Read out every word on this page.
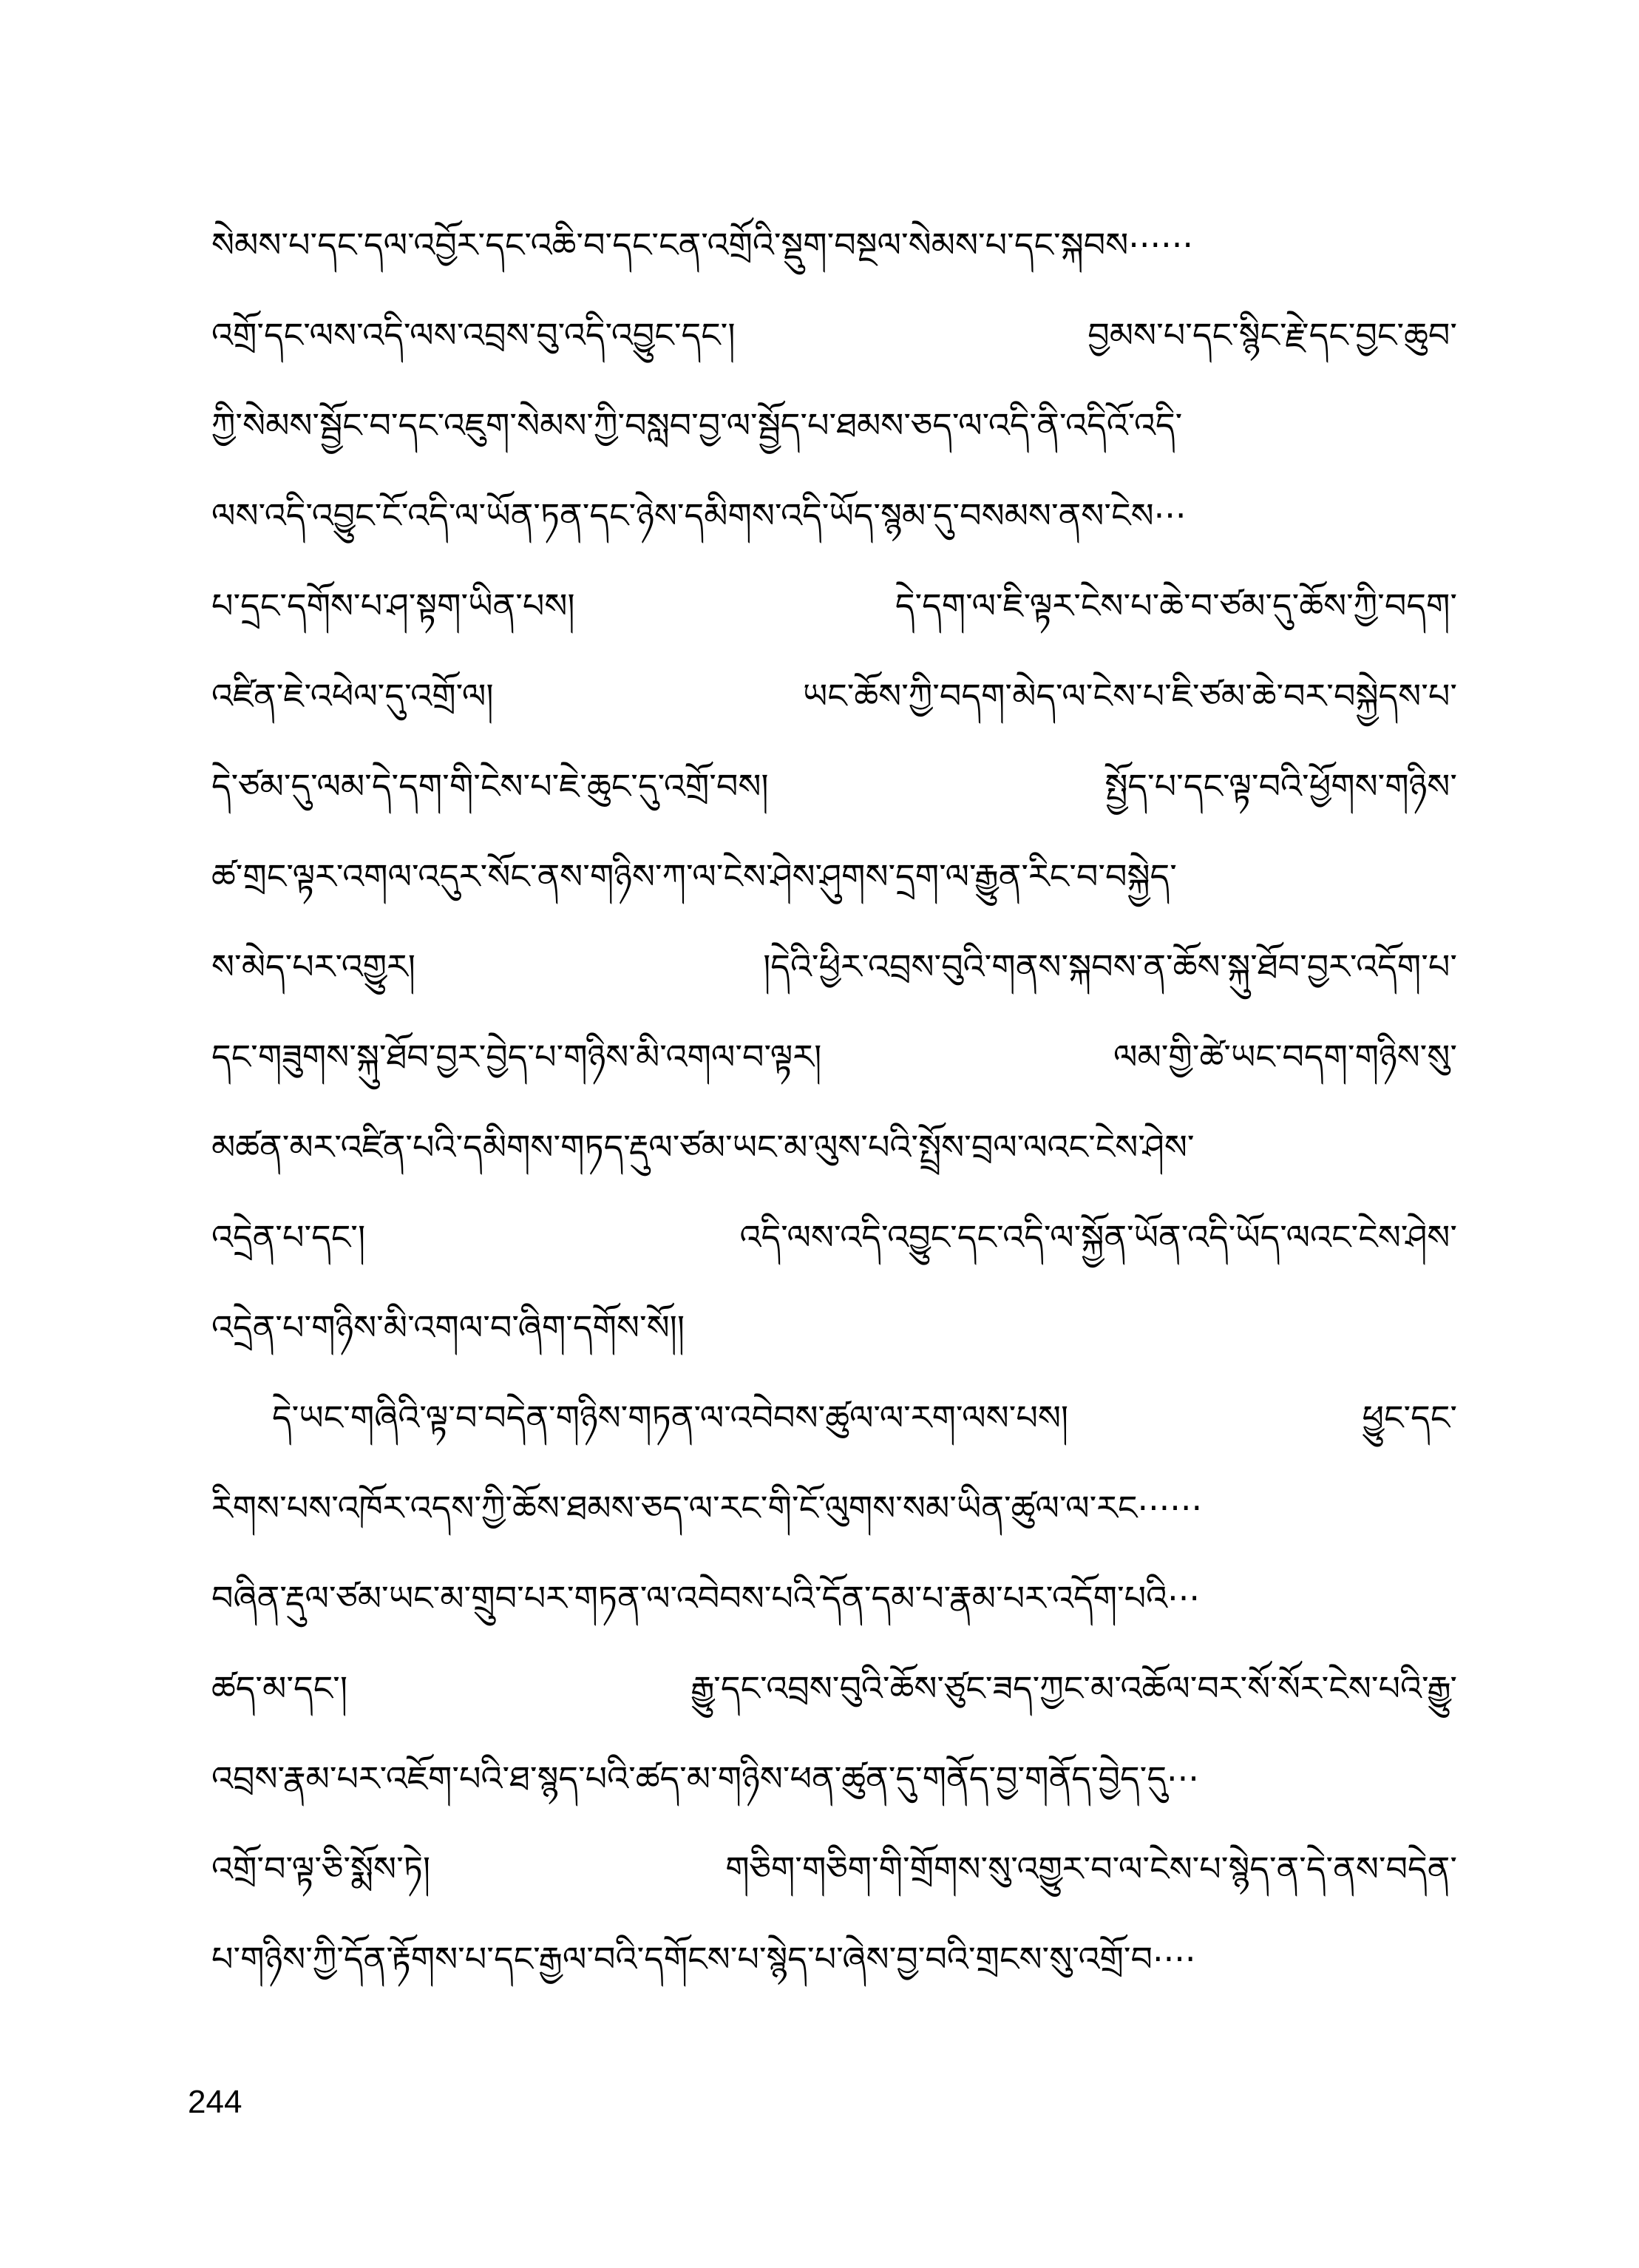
སེམས་པ་དང་དལ་འབྱོར་དང་འཆི་བ་དང་ངན་འགྲོའི་སྡུག་བསྔལ་སེམས་པ་དང་སྐབས······
འགྲོ་དང་ལས་འདི་ལས་འབྲས་བུ་འདི་འབྱུང་དང་། བྱམས་པ་དང་སྙིང་རྗེ་དང་བྱང་ཆུབ་
ཀྱི་སེམས་སྦྱོང་བ་དང་འཇུག་སེམས་ཀྱི་བསླབ་བྱ་ལ་སྦྱོད་པ་ཐམས་ཅད་ལ་འདི་ནི་འདིའོ་འདི་
ལས་འདི་འབྱུང་ངོ་འདི་ལ་ཡོན་ཏན་དང་ཉེས་དམིགས་འདི་ཡོད་སྙམ་དུ་བསམས་ནས་ངེས···
པ་དྲང་དགོས་པ་ཤ་སྟག་ཡིན་པས། དེ་དག་ལ་ཇི་ལྟར་ངེས་པ་ཆེ་བ་ཙམ་དུ་ཆོས་ཀྱི་བདག་
འཛིན་ཇེ་འཕེལ་དུ་འགྲོ་ལ། ཡང་ཆོས་ཀྱི་བདག་མེད་ལ་ངེས་པ་ཇི་ཙམ་ཆེ་བར་བསྐྱེདས་པ་
དེ་ཙམ་དུ་ལམ་དེ་དག་གི་ངེས་པ་ཇེ་ཆུང་དུ་འགྲོ་བས། སྤྱོད་པ་དང་ལྟ་བའི་ཕྱོགས་གཉིས་
ཚ་གྲང་ལྟར་འགལ་འདུར་སོང་ནས་གཉིས་ཀ་ལ་ངེས་ཤེས་ཤུགས་དྲག་ལ་རྒྱུན་རིང་བ་བསྐྱེད་
ས་མེད་པར་འགྱུར། །དེའི་ཕྱིར་འབྲས་བུའི་གནས་སྐབས་ན་ཆོས་སྐུ་ཐོབ་བྱར་འདོག་པ་
དང་གཟུགས་སྐུ་ཐོབ་བྱར་བྱེད་པ་གཉིས་མི་འགལ་བ་ལྟར། ལམ་གྱི་ཚེ་ཡང་བདག་གཉིས་སུ་
མཚན་མར་འཛིན་པའི་དམིགས་གཏད་རྡུལ་ཙམ་ཡང་མ་ལུས་པའི་སྤྲོས་བྲལ་ལའང་ངེས་ཤེས་
འདྲེན་པ་དང་། འདི་ལས་འདི་འབྱུང་དང་འདི་ལ་སྐྱོན་ཡོན་འདི་ཡོད་ལའང་ངེས་ཤེས་
འདྲེན་པ་གཉིས་མི་འགལ་བ་ཞིག་དགོས་སོ།།
དེ་ཡང་གཞིའི་ལྟ་བ་བདེན་གཉིས་གཏན་ལ་འབེབས་ཚུལ་ལ་རག་ལས་པས། ཕྱུང་དང་
རིགས་པས་འཁོར་འདས་ཀྱི་ཆོས་ཐམས་ཅད་ལ་རང་གི་ངོ་ལུགས་སམ་ཡིན་ཚུལ་ལ་རང······
བཞིན་རྡུལ་ཙམ་ཡང་མ་གྲུབ་པར་གཏན་ལ་འབེབས་པའི་དོན་དམ་པ་རྣམ་པར་འདོག་པའི···
ཚད་མ་དང་། རྒྱུ་དང་འབྲས་བུའི་ཆོས་ཙུང་ཟད་ཀྱང་མ་འཆོལ་བར་སོ་སོར་ངེས་པའི་རྒྱུ་
འབྲས་རྣམ་པར་འཇོག་པའི་ཐ་སྙད་པའི་ཚད་མ་གཉིས་ཕན་ཚུན་དུ་གནོད་བྱ་གནོད་བྱེད་དུ···
འགྲོ་བ་ལྟ་ཅི་སྨོས་ཏེ། གཅིག་གཅིག་གི་གྲོགས་སུ་འགྱུར་བ་ལ་ངེས་པ་སྙེད་ན་དེ་ནས་བདེན་
པ་གཉིས་ཀྱི་དོན་རྟོགས་པ་དང་རྒྱལ་བའི་དགོངས་པ་སྙེད་པ་ཞེས་བྱ་བའི་གྲངས་སུ་འགྲོ་བ····
244
